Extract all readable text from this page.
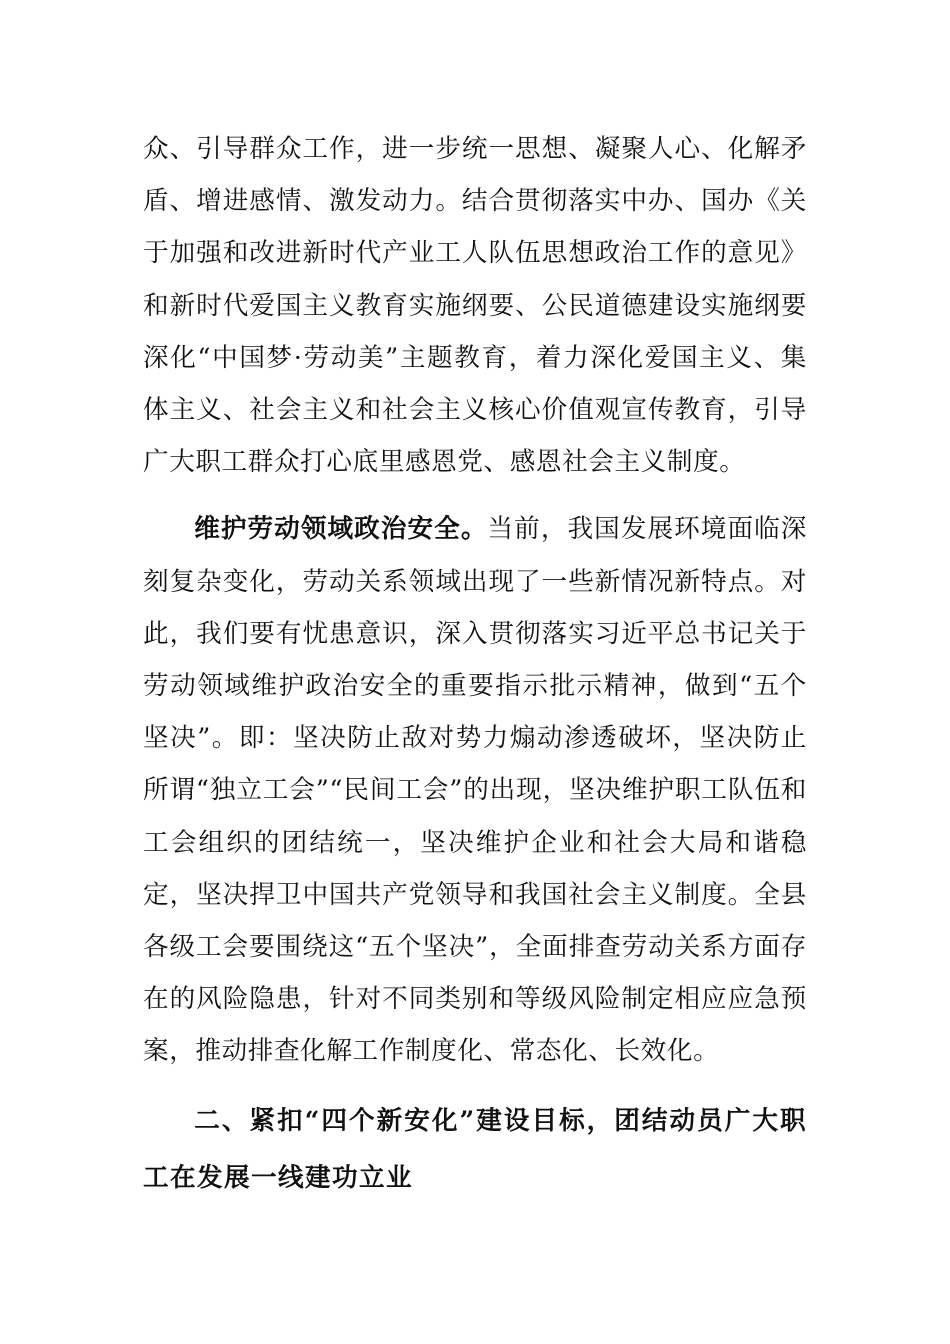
众、引导群众工作，进一步统一思想、凝聚人心、化解矛盾、增进感情、激发动力。结合贯彻落实中办、国办《关于加强和改进新时代产业工人队伍思想政治工作的意见》和新时代爱国主义教育实施纲要、公民道德建设实施纲要深化“中国梦·劳动美”主题教育，着力深化爱国主义、集体主义、社会主义和社会主义核心价值观宣传教育，引导广大职工群众打心底里感恩党、感恩社会主义制度。

维护劳动领域政治安全。当前，我国发展环境面临深刻复杂变化，劳动关系领域出现了一些新情况新特点。对此，我们要有忧患意识，深入贯彻落实习近平总书记关于劳动领域维护政治安全的重要指示批示精神，做到“五个坚决”。即：坚决防止敌对势力煽动渗透破坏，坚决防止所谓“独立工会”“民间工会”的出现，坚决维护职工队伍和工会组织的团结统一，坚决维护企业和社会大局和谐稳定，坚决捍卫中国共产党领导和我国社会主义制度。全县各级工会要围绕这“五个坚决”，全面排查劳动关系方面存在的风险隐患，针对不同类别和等级风险制定相应应急预案，推动排查化解工作制度化、常态化、长效化。

二、紧扣“四个新安化”建设目标，团结动员广大职工在发展一线建功立业
